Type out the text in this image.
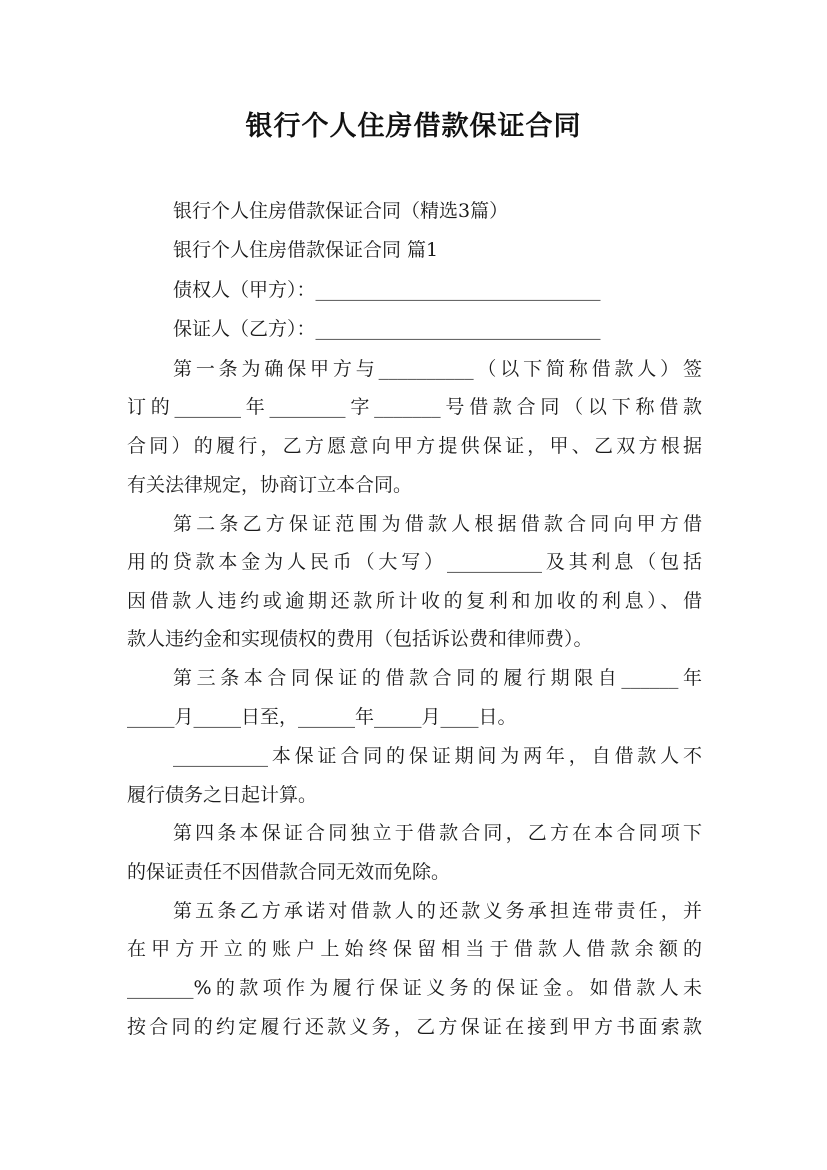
银行个人住房借款保证合同
银行个人住房借款保证合同（精选3篇）
银行个人住房借款保证合同 篇1
债权人（甲方）：______________________________
保证人（乙方）：______________________________
第一条为确保甲方与__________（以下简称借款人）签
订的_______年________字_______号借款合同（以下称借款
合同）的履行，乙方愿意向甲方提供保证，甲、乙双方根据
有关法律规定，协商订立本合同。
第二条乙方保证范围为借款人根据借款合同向甲方借
用的贷款本金为人民币（大写）__________及其利息（包括
因借款人违约或逾期还款所计收的复利和加收的利息）、借
款人违约金和实现债权的费用（包括诉讼费和律师费）。
第三条本合同保证的借款合同的履行期限自______年
_____月_____日至，______年_____月____日。
__________本保证合同的保证期间为两年，自借款人不
履行债务之日起计算。
第四条本保证合同独立于借款合同，乙方在本合同项下
的保证责任不因借款合同无效而免除。
第五条乙方承诺对借款人的还款义务承担连带责任，并
在甲方开立的账户上始终保留相当于借款人借款余额的
_______%的款项作为履行保证义务的保证金。如借款人未
按合同的约定履行还款义务，乙方保证在接到甲方书面索款
